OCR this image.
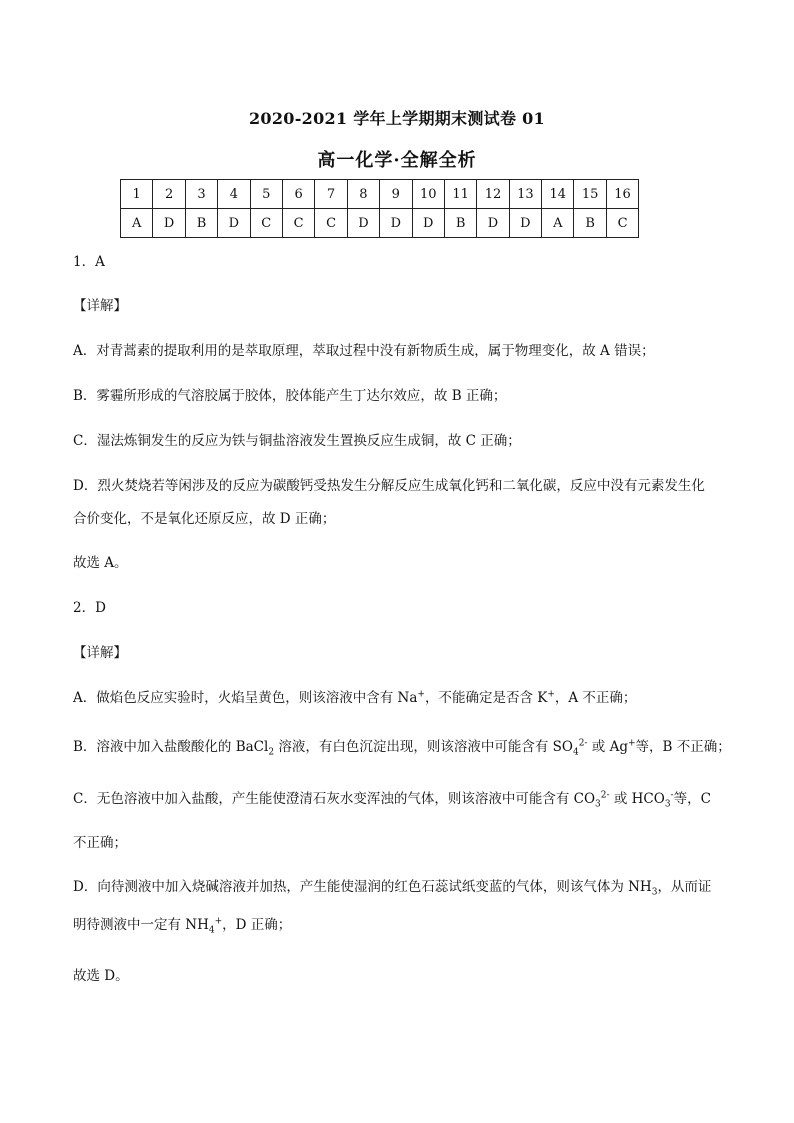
2020-2021 学年上学期期末测试卷 01
高一化学·全解全析
1	2	3	4	5	6	7	8	9	10	11	12	13	14	15	16
A	D	B	D	C	C	C	D	D	D	B	D	D	A	B	C

1．A

【详解】

A．对青蒿素的提取利用的是萃取原理，萃取过程中没有新物质生成，属于物理变化，故 A 错误；

B．雾霾所形成的气溶胶属于胶体，胶体能产生丁达尔效应，故 B 正确；

C．湿法炼铜发生的反应为铁与铜盐溶液发生置换反应生成铜，故 C 正确；

D．烈火焚烧若等闲涉及的反应为碳酸钙受热发生分解反应生成氧化钙和二氧化碳，反应中没有元素发生化

合价变化，不是氧化还原反应，故 D 正确；

故选 A。

2．D

【详解】

A．做焰色反应实验时，火焰呈黄色，则该溶液中含有 Na+，不能确定是否含 K+，A 不正确；

B．溶液中加入盐酸酸化的 BaCl$_2$ 溶液，有白色沉淀出现，则该溶液中可能含有 $SO_4^{2-}$ 或 Ag+等，B 不正确；

C．无色溶液中加入盐酸，产生能使澄清石灰水变浑浊的气体，则该溶液中可能含有 $CO_3^{2-}$ 或 $HCO_3^-$等，C

不正确；

D．向待测液中加入烧碱溶液并加热，产生能使湿润的红色石蕊试纸变蓝的气体，则该气体为 $NH_3$，从而证

明待测液中一定有 $NH_4^+$，D 正确；

故选 D。
